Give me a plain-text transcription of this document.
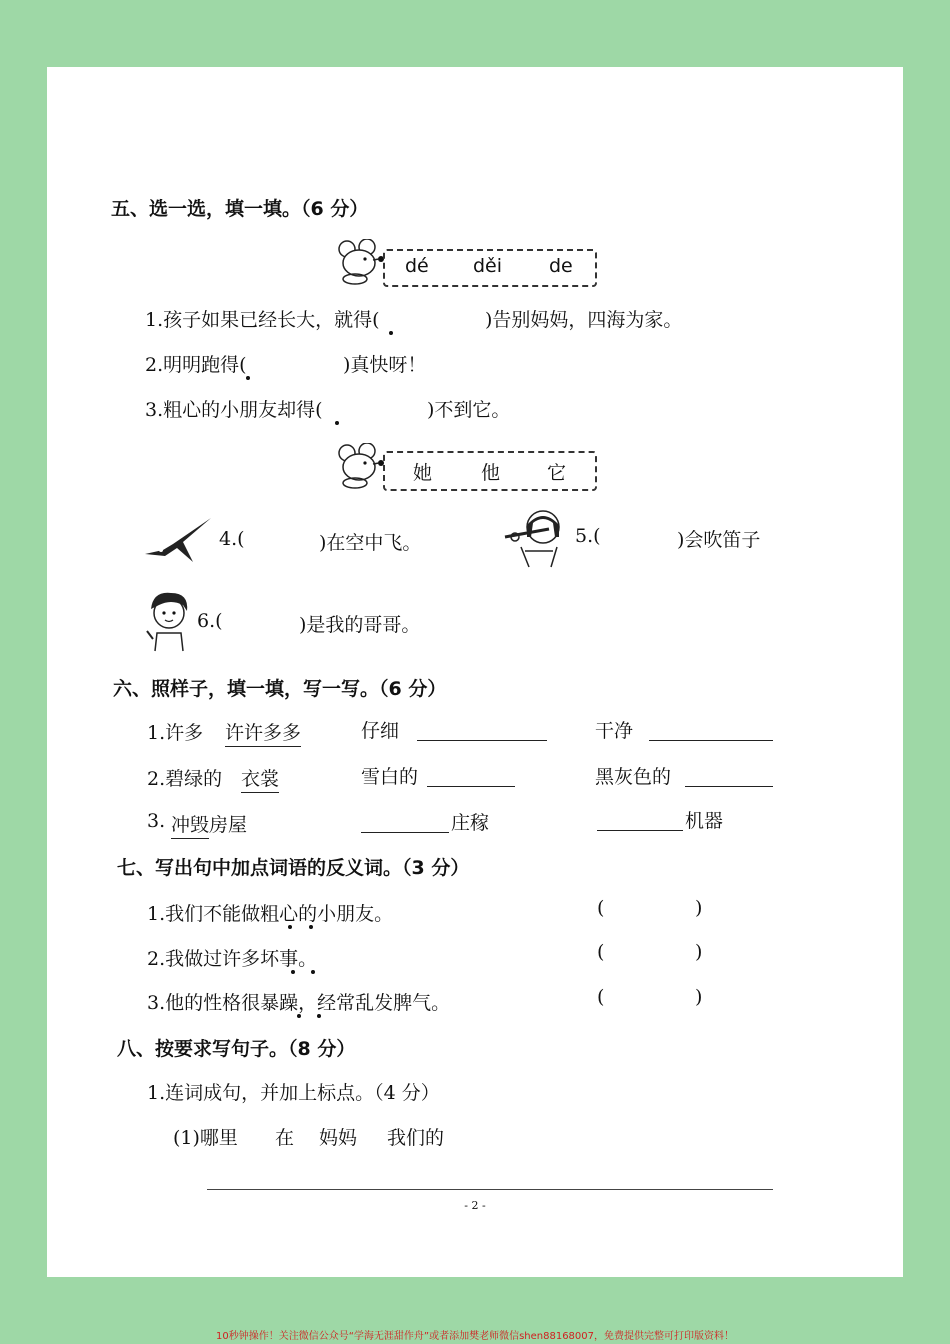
五、选一选，填一填。（6 分）
dé děi de
1.孩子如果已经长大，就得(	)告别妈妈，四海为家。
2.明明跑得(	)真快呀！
3.粗心的小朋友却得(	)不到它。
她	他 它
4.(	)在空中飞。	5.(	)会吹笛子
6.(	)是我的哥哥。
六、照样子，填一填，写一写。（6 分）
1.许多 许许多多	仔细	干净
2.碧绿的 衣裳	雪白的	黑灰色的
3. 冲毁 房屋	庄稼	机器
七、写出句中加点词语的反义词。（3 分）
1.我们不能做粗心的小朋友。	(	)
2.我做过许多坏事。	(	)
3.他的性格很暴躁，经常乱发脾气。	(	)
八、按要求写句子。（8 分）
1.连词成句，并加上标点。（4 分）
(1)哪里 在 妈妈 我们的
- 2 -
10秒钟操作！关注微信公众号“学海无涯甜作舟”或者添加樊老师微信shen88168007，免费提供完整可打印版资料！
